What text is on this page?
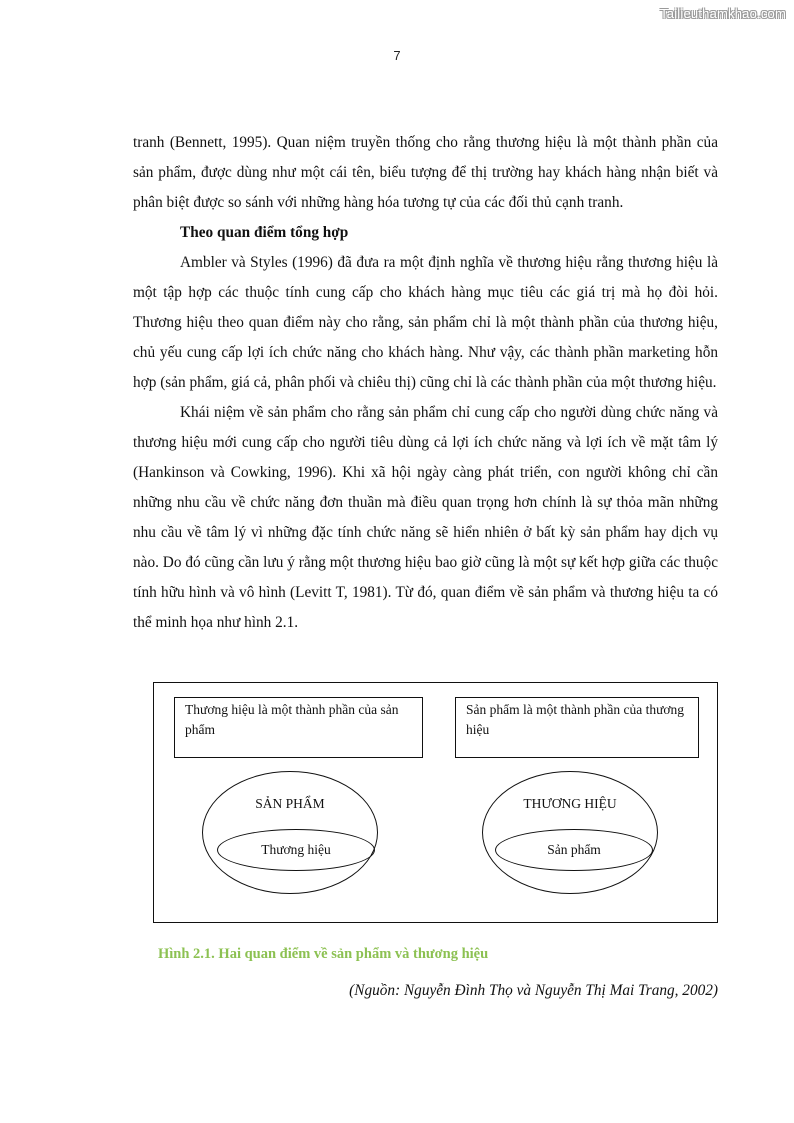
Tailieuthamkhao.com
7

tranh (Bennett, 1995). Quan niệm truyền thống cho rằng thương hiệu là một thành phần của sản phẩm, được dùng như một cái tên, biểu tượng để thị trường hay khách hàng nhận biết và phân biệt được so sánh với những hàng hóa tương tự của các đối thủ cạnh tranh.

Theo quan điểm tổng hợp

Ambler và Styles (1996) đã đưa ra một định nghĩa về thương hiệu rằng thương hiệu là một tập hợp các thuộc tính cung cấp cho khách hàng mục tiêu các giá trị mà họ đòi hỏi. Thương hiệu theo quan điểm này cho rằng, sản phẩm chỉ là một thành phần của thương hiệu, chủ yếu cung cấp lợi ích chức năng cho khách hàng. Như vậy, các thành phần marketing hỗn hợp (sản phẩm, giá cả, phân phối và chiêu thị) cũng chỉ là các thành phần của một thương hiệu.

Khái niệm về sản phẩm cho rằng sản phẩm chỉ cung cấp cho người dùng chức năng và thương hiệu mới cung cấp cho người tiêu dùng cả lợi ích chức năng và lợi ích về mặt tâm lý (Hankinson và Cowking, 1996). Khi xã hội ngày càng phát triển, con người không chỉ cần những nhu cầu về chức năng đơn thuần mà điều quan trọng hơn chính là sự thỏa mãn những nhu cầu về tâm lý vì những đặc tính chức năng sẽ hiển nhiên ở bất kỳ sản phẩm hay dịch vụ nào. Do đó cũng cần lưu ý rằng một thương hiệu bao giờ cũng là một sự kết hợp giữa các thuộc tính hữu hình và vô hình (Levitt T, 1981). Từ đó, quan điểm về sản phẩm và thương hiệu ta có thể minh họa như hình 2.1.

Thương hiệu là một thành phần của sản phẩm
Sản phẩm là một thành phần của thương hiệu
SẢN PHẨM
Thương hiệu
THƯƠNG HIỆU
Sản phẩm
Hình 2.1. Hai quan điểm về sản phẩm và thương hiệu
(Nguồn: Nguyễn Đình Thọ và Nguyễn Thị Mai Trang, 2002)
